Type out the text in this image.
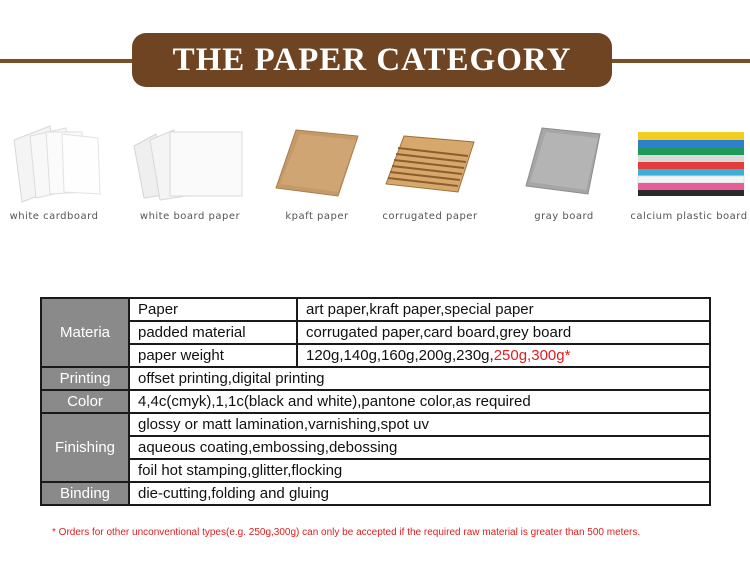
THE PAPER CATEGORY
white cardboard	white board paper	kpaft paper	corrugated paper	gray board	calcium plastic board
Materia	Paper	art paper,kraft paper,special paper
	padded material	corrugated paper,card board,grey board
	paper weight	120g,140g,160g,200g,230g,250g,300g*
Printing	offset printing,digital printing	
Color	4,4c(cmyk),1,1c(black and white),pantone color,as required	
Finishing	glossy or matt lamination,varnishing,spot uv	
	aqueous coating,embossing,debossing	
	foil hot stamping,glitter,flocking	
Binding	die-cutting,folding and gluing	
* Orders for other unconventional types(e.g. 250g,300g) can only be accepted if the required raw material is greater than 500 meters.
